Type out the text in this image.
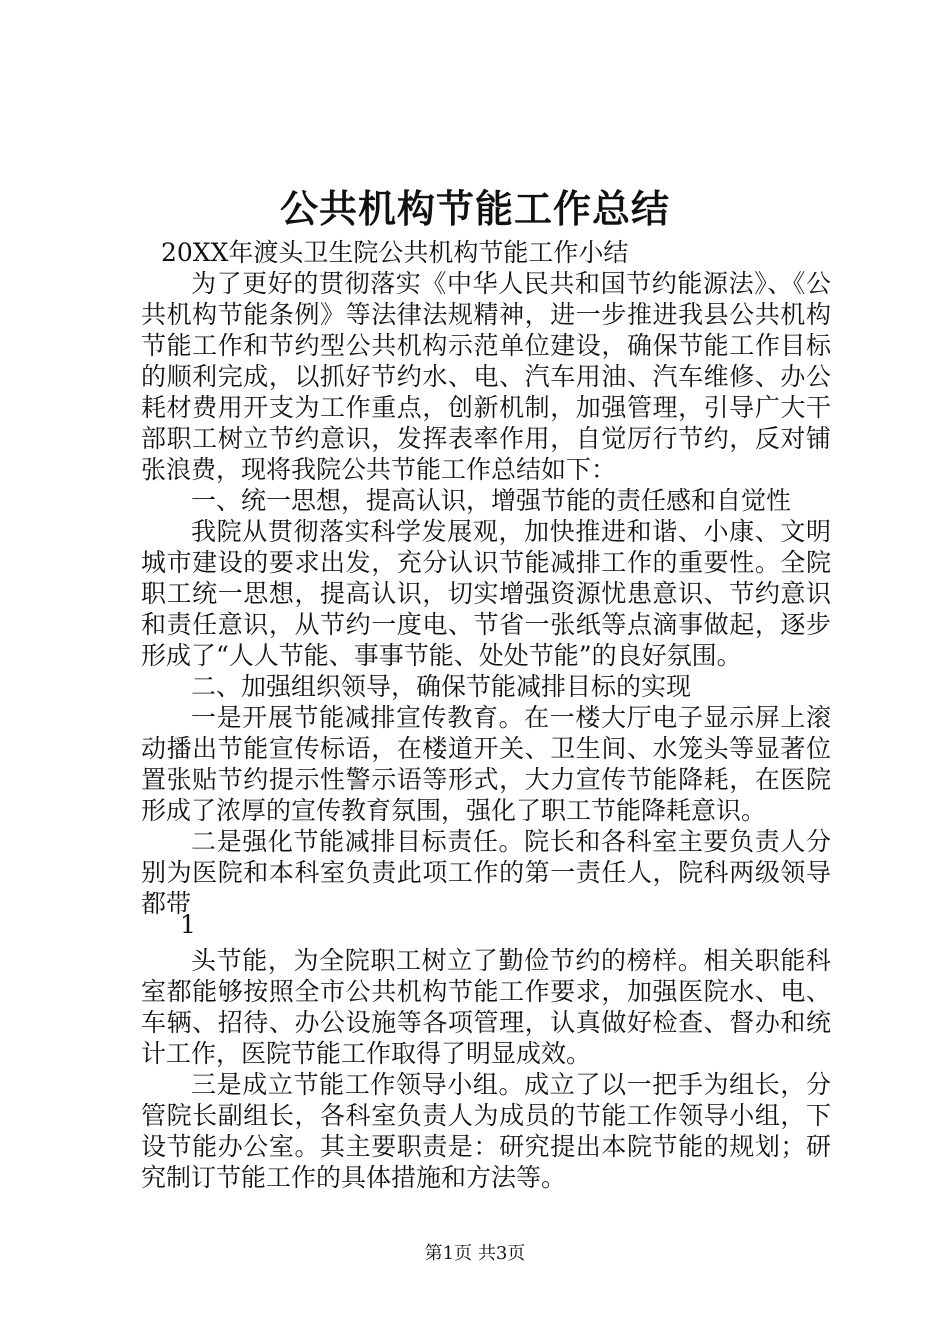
公共机构节能工作总结
20XX年渡头卫生院公共机构节能工作小结

为了更好的贯彻落实《中华人民共和国节约能源法》、《公共机构节能条例》等法律法规精神，进一步推进我县公共机构节能工作和节约型公共机构示范单位建设，确保节能工作目标的顺利完成，以抓好节约水、电、汽车用油、汽车维修、办公耗材费用开支为工作重点，创新机制，加强管理，引导广大干部职工树立节约意识，发挥表率作用，自觉厉行节约，反对铺张浪费，现将我院公共节能工作总结如下：

一、统一思想，提高认识，增强节能的责任感和自觉性

我院从贯彻落实科学发展观，加快推进和谐、小康、文明城市建设的要求出发，充分认识节能减排工作的重要性。全院职工统一思想，提高认识，切实增强资源忧患意识、节约意识和责任意识，从节约一度电、节省一张纸等点滴事做起，逐步形成了“人人节能、事事节能、处处节能”的良好氛围。

二、加强组织领导，确保节能减排目标的实现

一是开展节能减排宣传教育。在一楼大厅电子显示屏上滚动播出节能宣传标语，在楼道开关、卫生间、水笼头等显著位置张贴节约提示性警示语等形式，大力宣传节能降耗，在医院形成了浓厚的宣传教育氛围，强化了职工节能降耗意识。

二是强化节能减排目标责任。院长和各科室主要负责人分别为医院和本科室负责此项工作的第一责任人，院科两级领导都带

1

头节能，为全院职工树立了勤俭节约的榜样。相关职能科室都能够按照全市公共机构节能工作要求，加强医院水、电、车辆、招待、办公设施等各项管理，认真做好检查、督办和统计工作，医院节能工作取得了明显成效。

三是成立节能工作领导小组。成立了以一把手为组长，分管院长副组长，各科室负责人为成员的节能工作领导小组，下设节能办公室。其主要职责是：研究提出本院节能的规划；研究制订节能工作的具体措施和方法等。

第1页 共3页
